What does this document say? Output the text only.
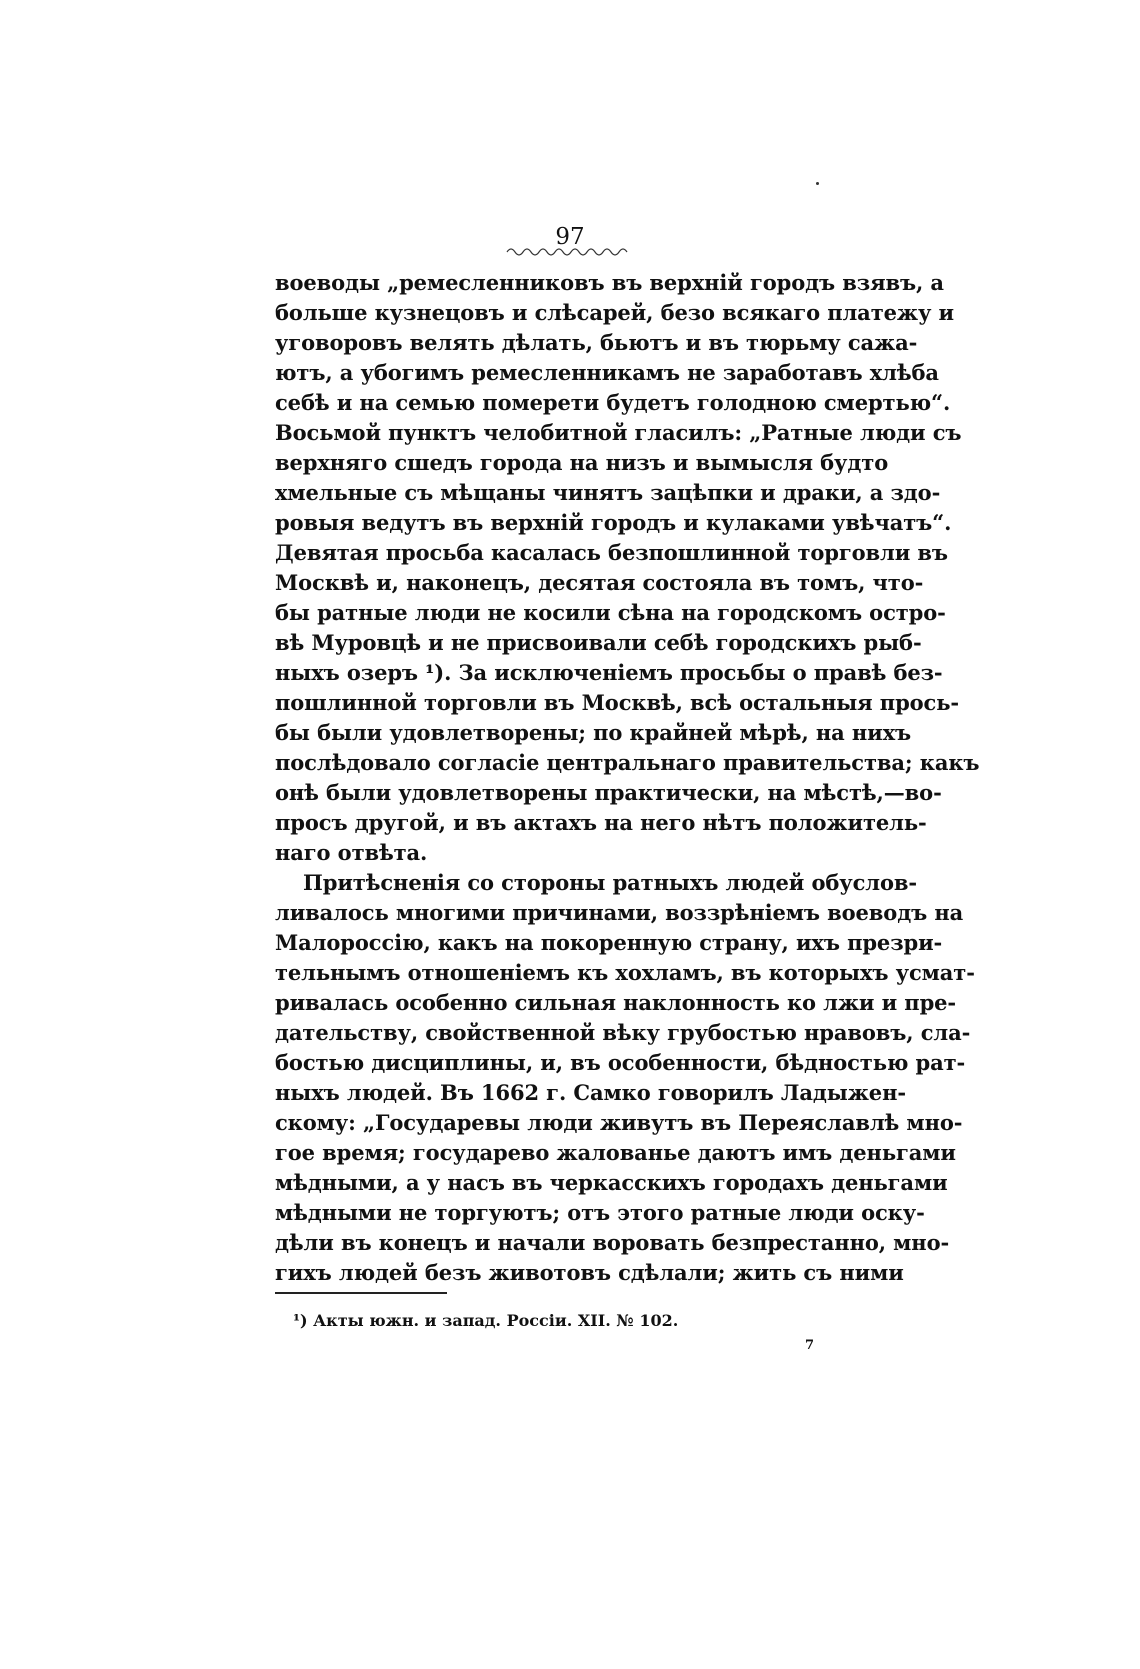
97
воеводы „ремесленниковъ въ верхній городъ взявъ, а
больше кузнецовъ и слѣсарей, безо всякаго платежу и
уговоровъ велять дѣлать, бьютъ и въ тюрьму сажа-
ютъ, а убогимъ ремесленникамъ не заработавъ хлѣба
себѣ и на семью померети будетъ голодною смертью“.
Восьмой пунктъ челобитной гласилъ: „Ратные люди съ
верхняго сшедъ города на низъ и вымысля будто
хмельные съ мѣщаны чинятъ зацѣпки и драки, а здо-
ровыя ведутъ въ верхній городъ и кулаками увѣчатъ“.
Девятая просьба касалась безпошлинной торговли въ
Москвѣ и, наконецъ, десятая состояла въ томъ, что-
бы ратные люди не косили сѣна на городскомъ остро-
вѣ Муровцѣ и не присвоивали себѣ городскихъ рыб-
ныхъ озеръ ¹). За исключеніемъ просьбы о правѣ без-
пошлинной торговли въ Москвѣ, всѣ остальныя прось-
бы были удовлетворены; по крайней мѣрѣ, на нихъ
послѣдовало согласіе центральнаго правительства; какъ
онѣ были удовлетворены практически, на мѣстѣ,—во-
просъ другой, и въ актахъ на него нѣтъ положитель-
наго отвѣта.
Притѣсненія со стороны ратныхъ людей обуслов-
ливалось многими причинами, воззрѣніемъ воеводъ на
Малороссію, какъ на покоренную страну, ихъ презри-
тельнымъ отношеніемъ къ хохламъ, въ которыхъ усмат-
ривалась особенно сильная наклонность ко лжи и пре-
дательству, свойственной вѣку грубостью нравовъ, сла-
бостью дисциплины, и, въ особенности, бѣдностью рат-
ныхъ людей. Въ 1662 г. Самко говорилъ Ладыжен-
скому: „Государевы люди живутъ въ Переяславлѣ мно-
гое время; государево жалованье даютъ имъ деньгами
мѣдными, а у насъ въ черкасскихъ городахъ деньгами
мѣдными не торгуютъ; отъ этого ратные люди оску-
дѣли въ конецъ и начали воровать безпрестанно, мно-
гихъ людей безъ животовъ сдѣлали; жить съ ними
¹) Акты южн. и запад. Россіи. XII. № 102.
7
